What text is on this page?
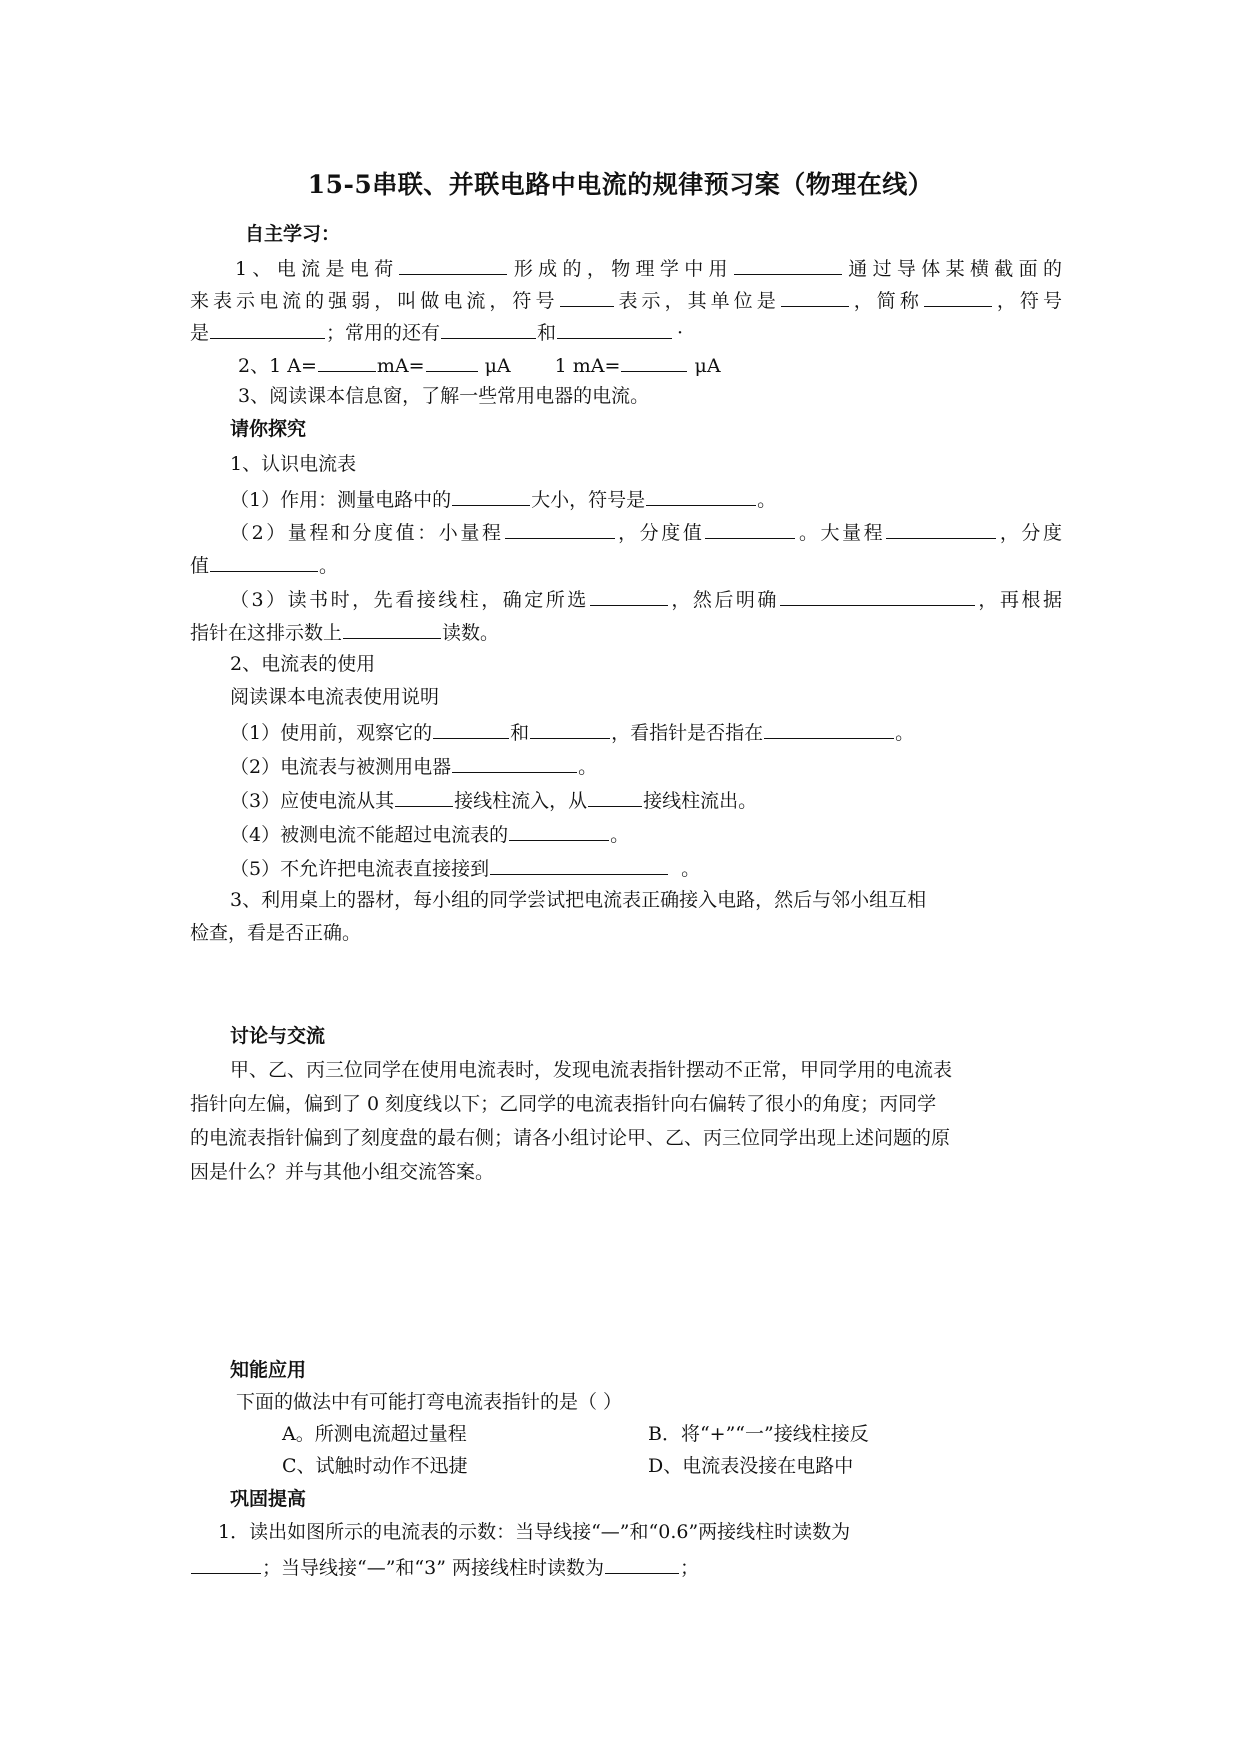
15-5串联、并联电路中电流的规律预习案（物理在线）
自主学习：
1、电流是电荷	形成的，物理学中用	通过导体某横截面的
来表示电流的强弱，叫做电流，符号	表示，其单位是	，简称	，符号
是	；常用的还有	和	·
2、1 A=	mA=	μA 1 mA=	μA
3、阅读课本信息窗，了解一些常用电器的电流。
请你探究
1、认识电流表
（1）作用：测量电路中的	大小，符号是	。
（2）量程和分度值：小量程	，分度值	。大量程	，分度
值	。
（3）读书时，先看接线柱，确定所选	，然后明确	，再根据
指针在这排示数上	读数。
2、电流表的使用
阅读课本电流表使用说明
（1）使用前，观察它的	和	，看指针是否指在	。
（2）电流表与被测用电器	。
（3）应使电流从其	接线柱流入，从	接线柱流出。
（4）被测电流不能超过电流表的	。
（5）不允许把电流表直接接到	。
3、利用桌上的器材，每小组的同学尝试把电流表正确接入电路，然后与邻小组互相
检查，看是否正确。
讨论与交流
甲、乙、丙三位同学在使用电流表时，发现电流表指针摆动不正常，甲同学用的电流表
指针向左偏，偏到了 0 刻度线以下；乙同学的电流表指针向右偏转了很小的角度；丙同学
的电流表指针偏到了刻度盘的最右侧；请各小组讨论甲、乙、丙三位同学出现上述问题的原
因是什么？并与其他小组交流答案。
知能应用
下面的做法中有可能打弯电流表指针的是（ ）
A。所测电流超过量程	B．将“+”“一”接线柱接反
C、试触时动作不迅捷	D、电流表没接在电路中
巩固提高
1．读出如图所示的电流表的示数：当导线接“—”和“0.6”两接线柱时读数为
；当导线接“—”和“3” 两接线柱时读数为	；
